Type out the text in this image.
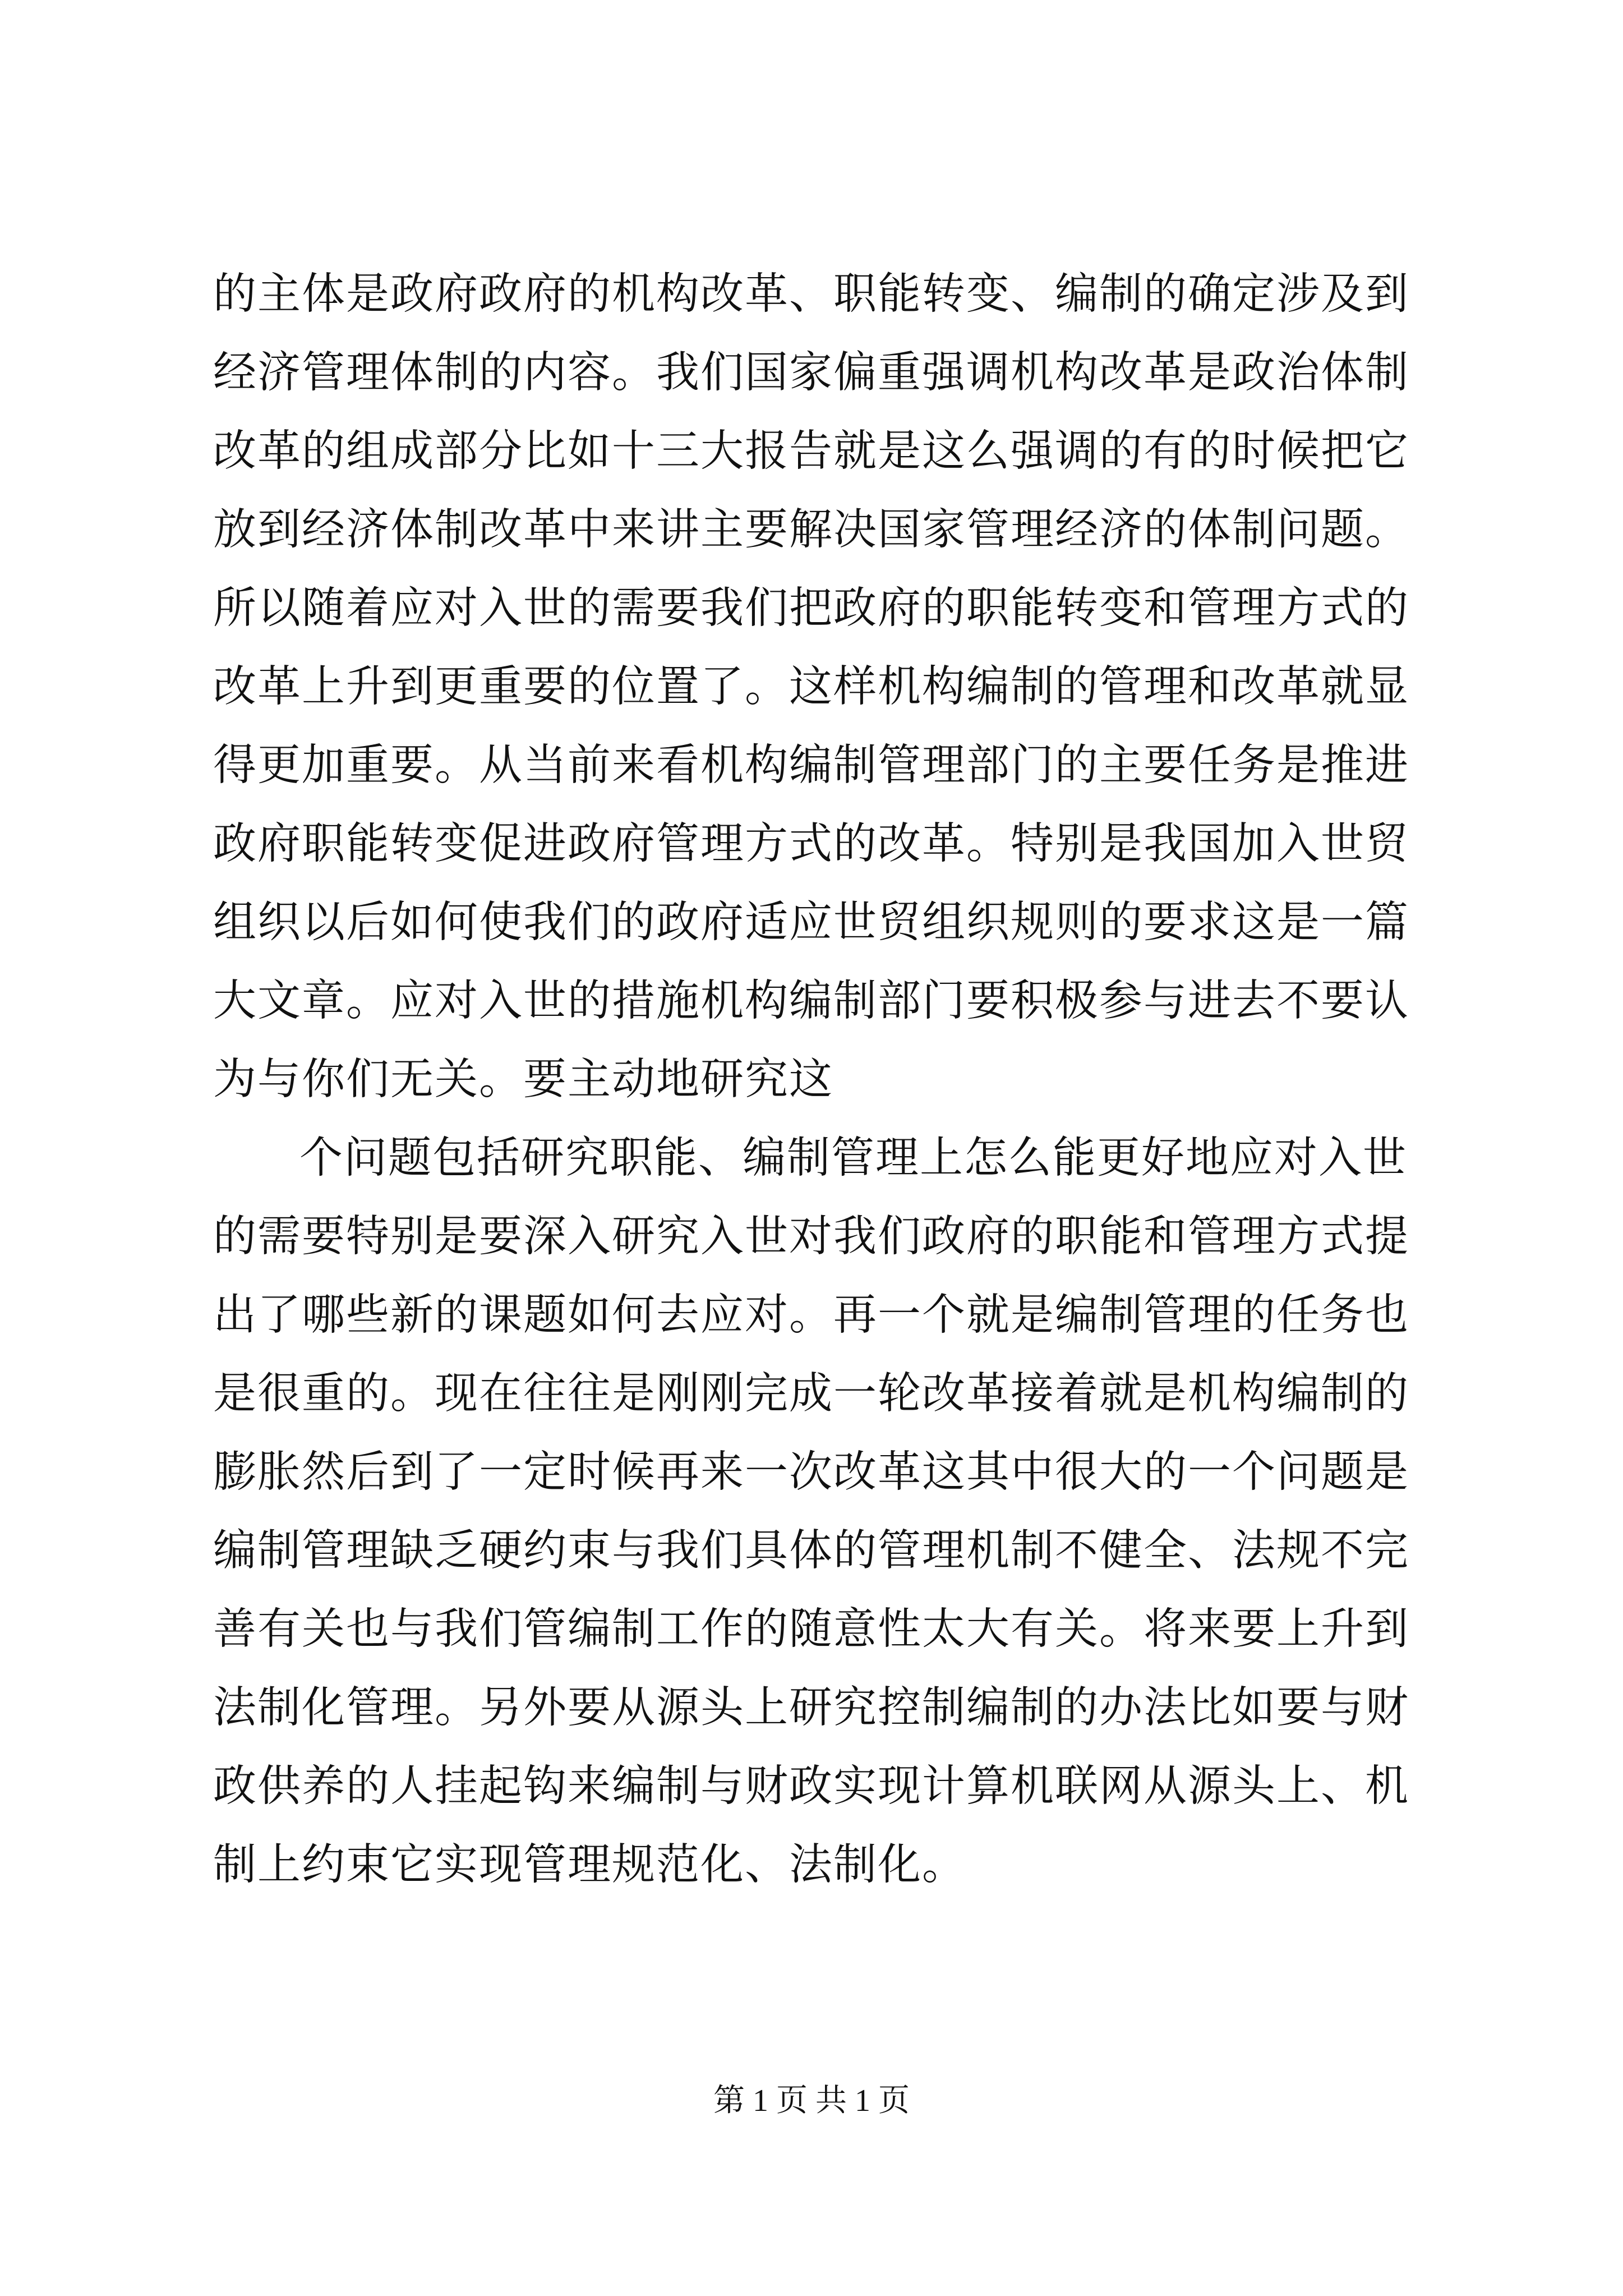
的主体是政府政府的机构改革、职能转变、编制的确定涉及到经济管理体制的内容。我们国家偏重强调机构改革是政治体制改革的组成部分比如十三大报告就是这么强调的有的时候把它放到经济体制改革中来讲主要解决国家管理经济的体制问题。所以随着应对入世的需要我们把政府的职能转变和管理方式的改革上升到更重要的位置了。这样机构编制的管理和改革就显得更加重要。从当前来看机构编制管理部门的主要任务是推进政府职能转变促进政府管理方式的改革。特别是我国加入世贸组织以后如何使我们的政府适应世贸组织规则的要求这是一篇大文章。应对入世的措施机构编制部门要积极参与进去不要认为与你们无关。要主动地研究这

个问题包括研究职能、编制管理上怎么能更好地应对入世的需要特别是要深入研究入世对我们政府的职能和管理方式提出了哪些新的课题如何去应对。再一个就是编制管理的任务也是很重的。现在往往是刚刚完成一轮改革接着就是机构编制的膨胀然后到了一定时候再来一次改革这其中很大的一个问题是编制管理缺乏硬约束与我们具体的管理机制不健全、法规不完善有关也与我们管编制工作的随意性太大有关。将来要上升到法制化管理。另外要从源头上研究控制编制的办法比如要与财政供养的人挂起钩来编制与财政实现计算机联网从源头上、机制上约束它实现管理规范化、法制化。

第 1 页 共 1 页
